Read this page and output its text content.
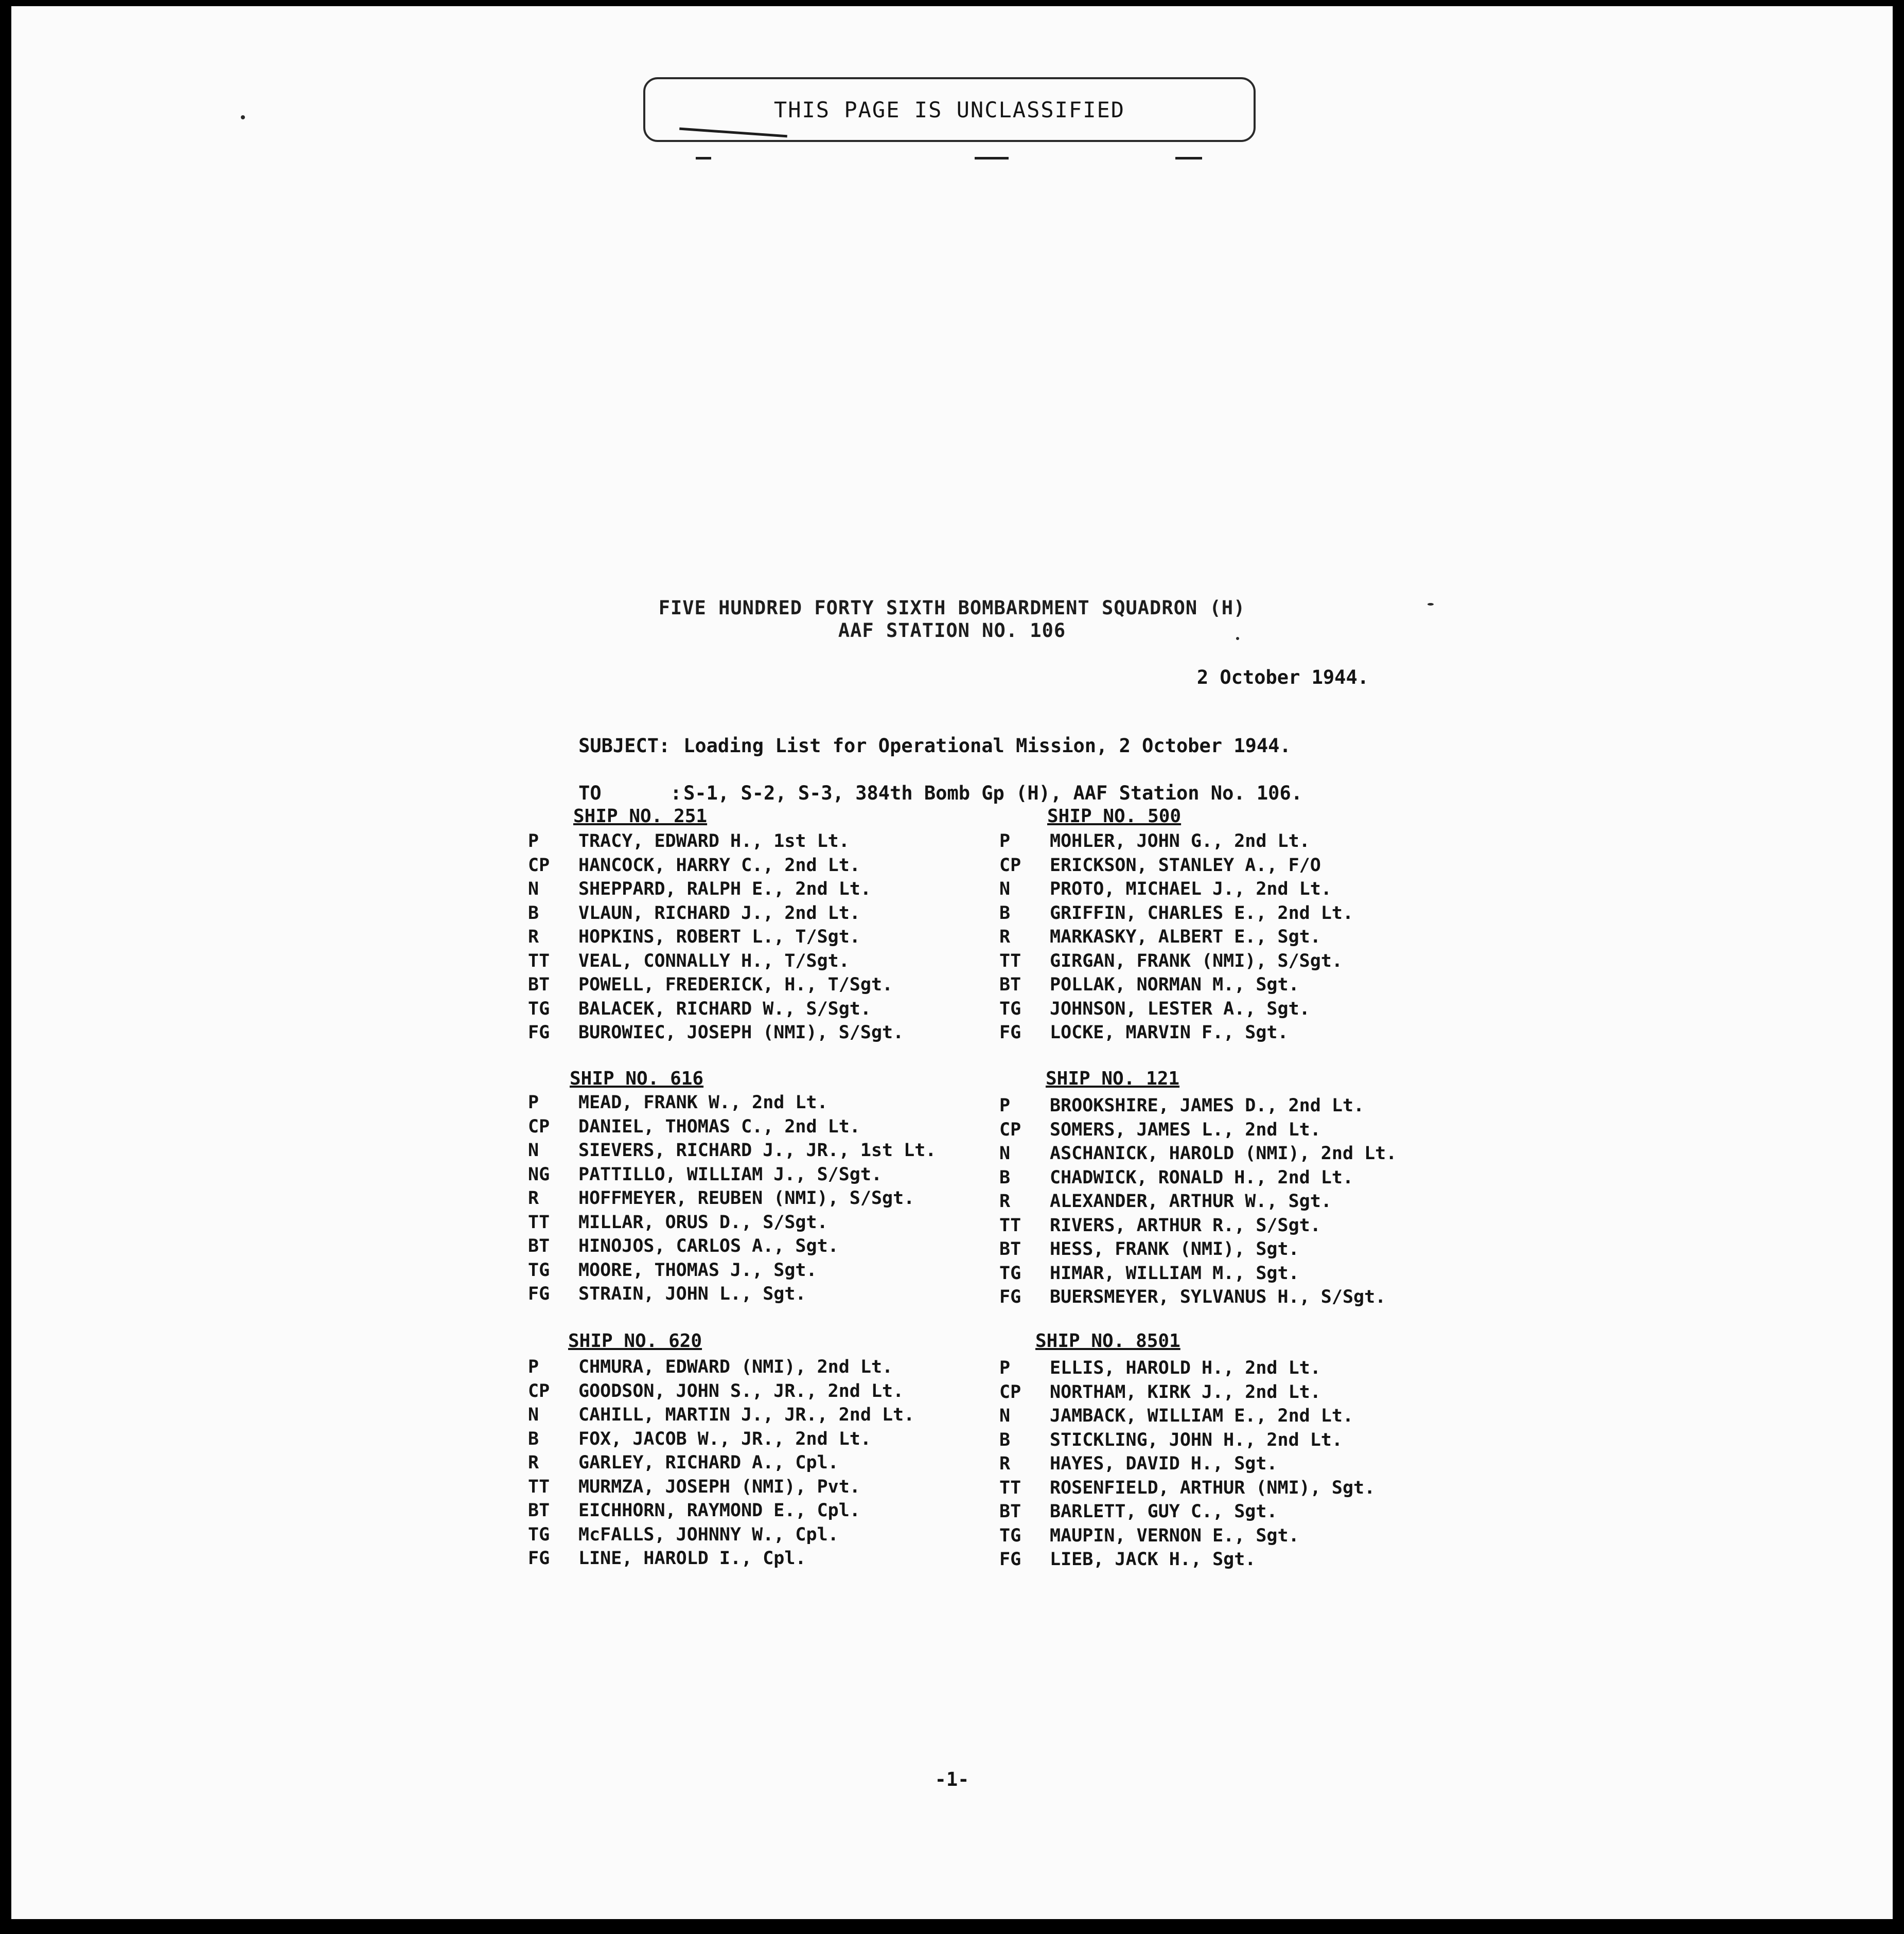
THIS PAGE IS UNCLASSIFIED
FIVE HUNDRED FORTY SIXTH BOMBARDMENT SQUADRON (H)
AAF STATION NO. 106
2 October 1944.

SUBJECT: Loading List for Operational Mission, 2 October 1944.

TO      :S-1, S-2, S-3, 384th Bomb Gp (H), AAF Station No. 106.

SHIP NO. 251
P	TRACY, EDWARD H., 1st Lt.
CP	HANCOCK, HARRY C., 2nd Lt.
N	SHEPPARD, RALPH E., 2nd Lt.
B	VLAUN, RICHARD J., 2nd Lt.
R	HOPKINS, ROBERT L., T/Sgt.
TT	VEAL, CONNALLY H., T/Sgt.
BT	POWELL, FREDERICK, H., T/Sgt.
TG	BALACEK, RICHARD W., S/Sgt.
FG	BUROWIEC, JOSEPH (NMI), S/Sgt.
SHIP NO. 500
P	MOHLER, JOHN G., 2nd Lt.
CP	ERICKSON, STANLEY A., F/O
N	PROTO, MICHAEL J., 2nd Lt.
B	GRIFFIN, CHARLES E., 2nd Lt.
R	MARKASKY, ALBERT E., Sgt.
TT	GIRGAN, FRANK (NMI), S/Sgt.
BT	POLLAK, NORMAN M., Sgt.
TG	JOHNSON, LESTER A., Sgt.
FG	LOCKE, MARVIN F., Sgt.
SHIP NO. 616
P	MEAD, FRANK W., 2nd Lt.
CP	DANIEL, THOMAS C., 2nd Lt.
N	SIEVERS, RICHARD J., JR., 1st Lt.
NG	PATTILLO, WILLIAM J., S/Sgt.
R	HOFFMEYER, REUBEN (NMI), S/Sgt.
TT	MILLAR, ORUS D., S/Sgt.
BT	HINOJOS, CARLOS A., Sgt.
TG	MOORE, THOMAS J., Sgt.
FG	STRAIN, JOHN L., Sgt.
SHIP NO. 121
P	BROOKSHIRE, JAMES D., 2nd Lt.
CP	SOMERS, JAMES L., 2nd Lt.
N	ASCHANICK, HAROLD (NMI), 2nd Lt.
B	CHADWICK, RONALD H., 2nd Lt.
R	ALEXANDER, ARTHUR W., Sgt.
TT	RIVERS, ARTHUR R., S/Sgt.
BT	HESS, FRANK (NMI), Sgt.
TG	HIMAR, WILLIAM M., Sgt.
FG	BUERSMEYER, SYLVANUS H., S/Sgt.
SHIP NO. 620
P	CHMURA, EDWARD (NMI), 2nd Lt.
CP	GOODSON, JOHN S., JR., 2nd Lt.
N	CAHILL, MARTIN J., JR., 2nd Lt.
B	FOX, JACOB W., JR., 2nd Lt.
R	GARLEY, RICHARD A., Cpl.
TT	MURMZA, JOSEPH (NMI), Pvt.
BT	EICHHORN, RAYMOND E., Cpl.
TG	McFALLS, JOHNNY W., Cpl.
FG	LINE, HAROLD I., Cpl.
SHIP NO. 8501
P	ELLIS, HAROLD H., 2nd Lt.
CP	NORTHAM, KIRK J., 2nd Lt.
N	JAMBACK, WILLIAM E., 2nd Lt.
B	STICKLING, JOHN H., 2nd Lt.
R	HAYES, DAVID H., Sgt.
TT	ROSENFIELD, ARTHUR (NMI), Sgt.
BT	BARLETT, GUY C., Sgt.
TG	MAUPIN, VERNON E., Sgt.
FG	LIEB, JACK H., Sgt.
-1-
